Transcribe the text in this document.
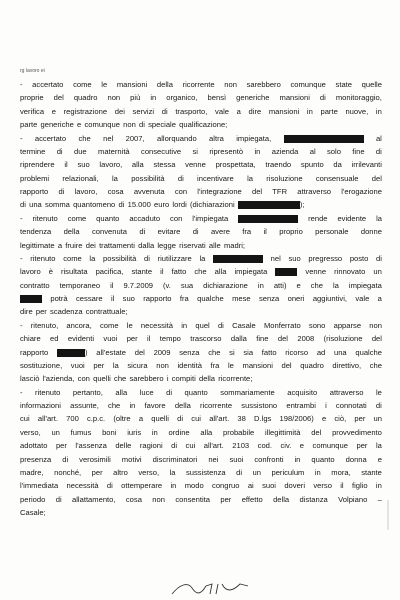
rg lavoro ei
- accertato come le mansioni della ricorrente non sarebbero comunque state quelle
proprie del quadro non più in organico, bensì generiche mansioni di monitoraggio,
verifica e registrazione dei servizi di trasporto, vale a dire mansioni in parte nuove, in
parte generiche e comunque non di speciale qualificazione;
- accertato che nel 2007, allorquando altra impiegata,	al
termine di due maternità consecutive si ripresentò in azienda al solo fine di
riprendere il suo lavoro, alla stessa venne prospettata, traendo spunto da irrilevanti
problemi relazionali, la possibilità di incentivare la risoluzione consensuale del
rapporto di lavoro, cosa avvenuta con l'integrazione del TFR attraverso l'erogazione
di una somma quantomeno di 15.000 euro lordi (dichiarazioni	);
- ritenuto come quanto accaduto con l'impiegata	rende evidente la
tendenza della convenuta di evitare di avere fra il proprio personale donne
legittimate a fruire dei trattamenti dalla legge riservati alle madri;
- ritenuto come la possibilità di riutilizzare la	nel suo pregresso posto di
lavoro è risultata pacifica, stante il fatto che alla impiegata	venne rinnovato un
contratto temporaneo il 9.7.2009 (v. sua dichiarazione in atti) e che la impiegata
potrà cessare il suo rapporto fra qualche mese senza oneri aggiuntivi, vale a
dire per scadenza contrattuale;
- ritenuto, ancora, come le necessità in quel di Casale Monferrato sono apparse non
chiare ed evidenti vuoi per il tempo trascorso dalla fine del 2008 (risoluzione del
rapporto	) all'estate del 2009 senza che si sia fatto ricorso ad una qualche
sostituzione, vuoi per la sicura non identità fra le mansioni del quadro direttivo, che
lasciò l'azienda, con quelli che sarebbero i compiti della ricorrente;
- ritenuto pertanto, alla luce di quanto sommariamente acquisito attraverso le
informazioni assunte, che in favore della ricorrente sussistono entrambi i connotati di
cui all'art. 700 c.p.c. (oltre a quelli di cui all'art. 38 D.lgs 198/2006) e ciò, per un
verso, un fumus boni iuris in ordine alla probabile illegittimità del provvedimento
adottato per l'assenza delle ragioni di cui all'art. 2103 cod. civ. e comunque per la
presenza di verosimili motivi discriminatori nei suoi confronti in quanto donna e
madre, nonché, per altro verso, la sussistenza di un periculum in mora, stante
l'immediata necessità di ottemperare in modo congruo ai suoi doveri verso il figlio in
periodo di allattamento, cosa non consentita per effetto della distanza Volpiano –
Casale;
